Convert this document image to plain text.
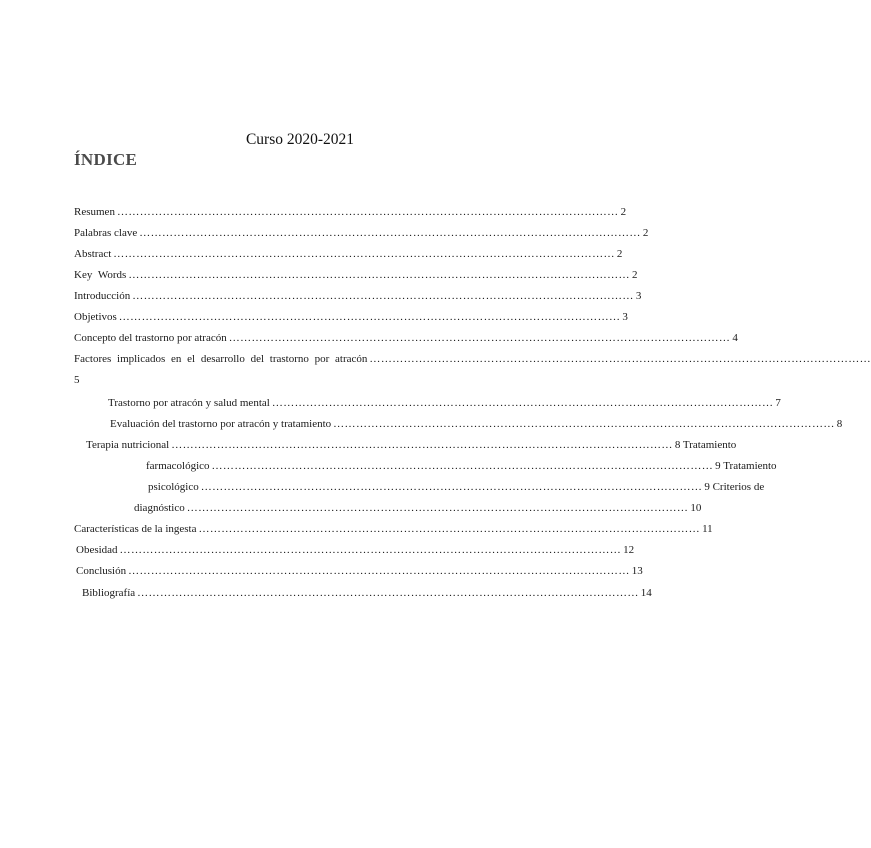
Curso 2020-2021
ÍNDICE
Resumen …………………………………………………………………………………………………………………… 2
Palabras clave …………………………………………………………………………………………………………………… 2
Abstract …………………………………………………………………………………………………………………… 2
Key Words …………………………………………………………………………………………………………………… 2
Introducción …………………………………………………………………………………………………………………… 3
Objetivos …………………………………………………………………………………………………………………… 3
Concepto del trastorno por atracón …………………………………………………………………………………………………………………… 4
Factores implicados en el desarrollo del trastorno por atracón ……………………………………………………………………………………………………………………
5
Trastorno por atracón y salud mental …………………………………………………………………………………………………………………… 7
Evaluación del trastorno por atracón y tratamiento …………………………………………………………………………………………………………………… 8
Terapia nutricional …………………………………………………………………………………………………………………… 8 Tratamiento
farmacológico …………………………………………………………………………………………………………………… 9 Tratamiento
psicológico …………………………………………………………………………………………………………………… 9 Criterios de
diagnóstico …………………………………………………………………………………………………………………… 10
Características de la ingesta …………………………………………………………………………………………………………………… 11
Obesidad …………………………………………………………………………………………………………………… 12
Conclusión …………………………………………………………………………………………………………………… 13
Bibliografía …………………………………………………………………………………………………………………… 14
